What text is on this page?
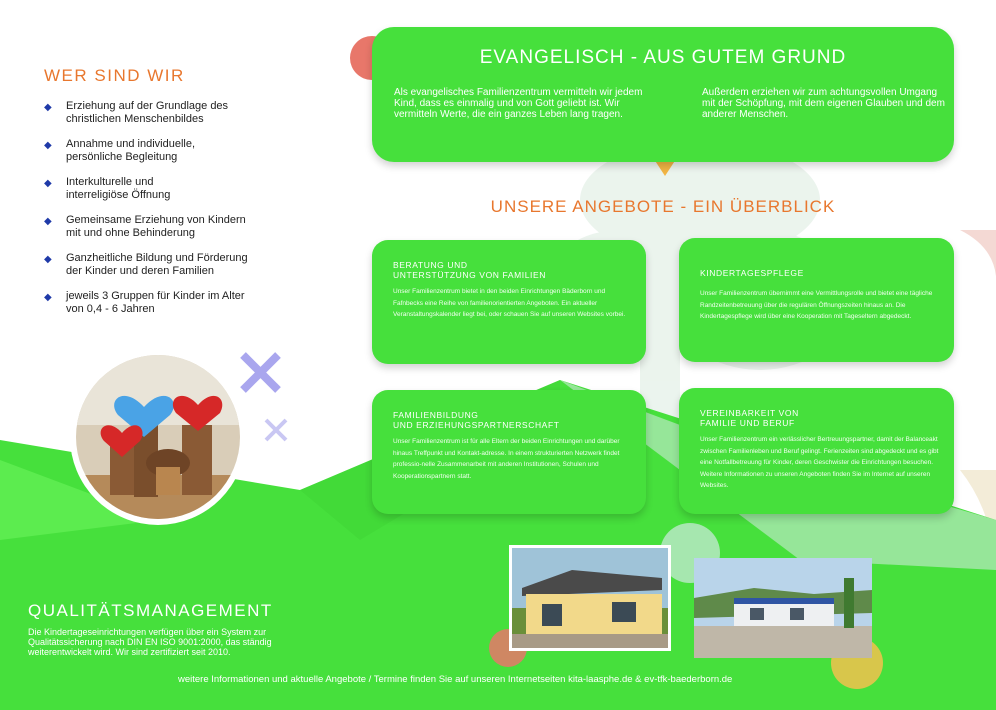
WER SIND WIR
◆ Erziehung auf der Grundlage des
christlichen Menschenbildes
◆ Annahme und individuelle,
persönliche Begleitung
◆ Interkulturelle und
interreligiöse Öffnung
◆ Gemeinsame Erziehung von Kindern
mit und ohne Behinderung
◆ Ganzheitliche Bildung und Förderung
der Kinder und deren Familien
◆ jeweils 3 Gruppen für Kinder im Alter
von 0,4 - 6 Jahren
EVANGELISCH - AUS GUTEM GRUND
Als evangelisches Familienzentrum vermitteln wir jedem Kind, dass es einmalig und von Gott geliebt ist. Wir vermitteln Werte, die ein ganzes Leben lang tragen.
Außerdem erziehen wir zum achtungsvollen Umgang mit der Schöpfung, mit dem eigenen Glauben und dem anderer Menschen.
UNSERE ANGEBOTE - EIN ÜBERBLICK
BERATUNG UND
UNTERSTÜTZUNG VON FAMILIEN
Unser Familienzentrum bietet in den beiden Einrichtungen Bäderborn und Fafnbecks eine Reihe von familienorientierten Angeboten. Ein aktueller Veranstaltungskalender liegt bei, oder schauen Sie auf unseren Websites vorbei.
KINDERTAGESPFLEGE
Unser Familienzentrum übernimmt eine Vermittlungsrolle und bietet eine tägliche Randzeitenbetreuung über die regulären Öffnungszeiten hinaus an. Die Kindertagespflege wird über eine Kooperation mit Tageseltern abgedeckt.
FAMILIENBILDUNG
UND ERZIEHUNGSPARTNERSCHAFT
Unser Familienzentrum ist für alle Eltern der beiden Einrichtungen und darüber hinaus Treffpunkt und Kontakt-adresse. In einem strukturierten Netzwerk findet professio-nelle Zusammenarbeit mit anderen Institutionen, Schulen und Kooperationspartnern statt.
VEREINBARKEIT VON
FAMILIE UND BERUF
Unser Familienzentrum ein verlässlicher Bertreuungspartner, damit der Balanceakt zwischen Familienleben und Beruf gelingt. Ferienzeiten sind abgedeckt und es gibt eine Notfallbetreuung für Kinder, deren Geschwister die Einrichtungen besuchen. Weitere Informationen zu unseren Angeboten finden Sie im Internet auf unseren Websites.
QUALITÄTSMANAGEMENT
Die Kindertageseinrichtungen verfügen über ein System zur Qualitätssicherung nach DIN EN ISO 9001:2000, das ständig weiterentwickelt wird. Wir sind zertifiziert seit 2010.
weitere Informationen und aktuelle Angebote / Termine finden Sie auf unseren Internetseiten kita-laasphe.de & ev-tfk-baederborn.de
